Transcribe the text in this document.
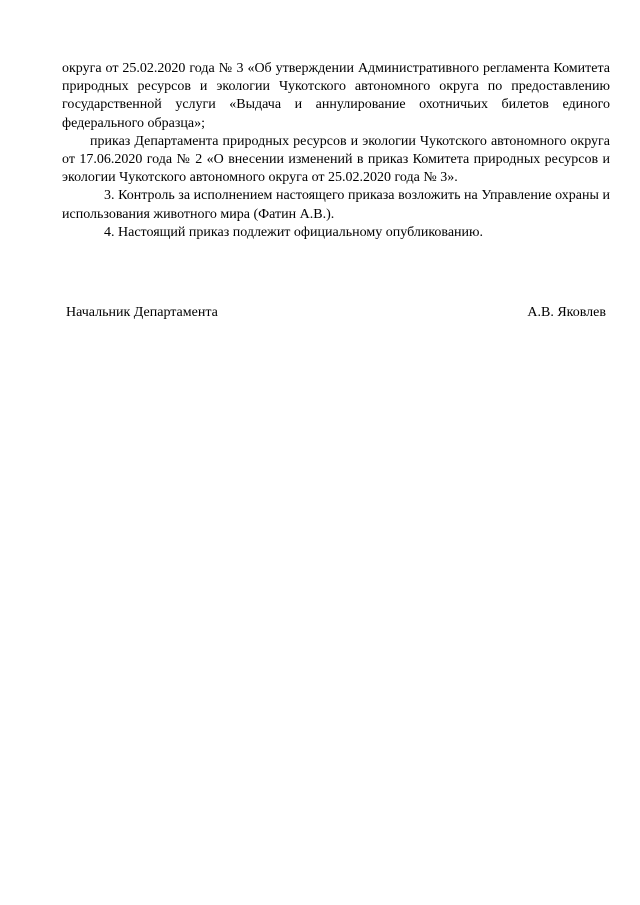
округа от 25.02.2020 года № 3 «Об утверждении Административного регламента Комитета природных ресурсов и экологии Чукотского автономного округа по предоставлению государственной услуги «Выдача и аннулирование охотничьих билетов единого федерального образца»;

приказ Департамента природных ресурсов и экологии Чукотского автономного округа от 17.06.2020 года № 2 «О внесении изменений в приказ Комитета природных ресурсов и экологии Чукотского автономного округа от 25.02.2020 года № 3».

3. Контроль за исполнением настоящего приказа возложить на Управление охраны и использования животного мира (Фатин А.В.).

4. Настоящий приказ подлежит официальному опубликованию.

Начальник Департамента	А.В. Яковлев
